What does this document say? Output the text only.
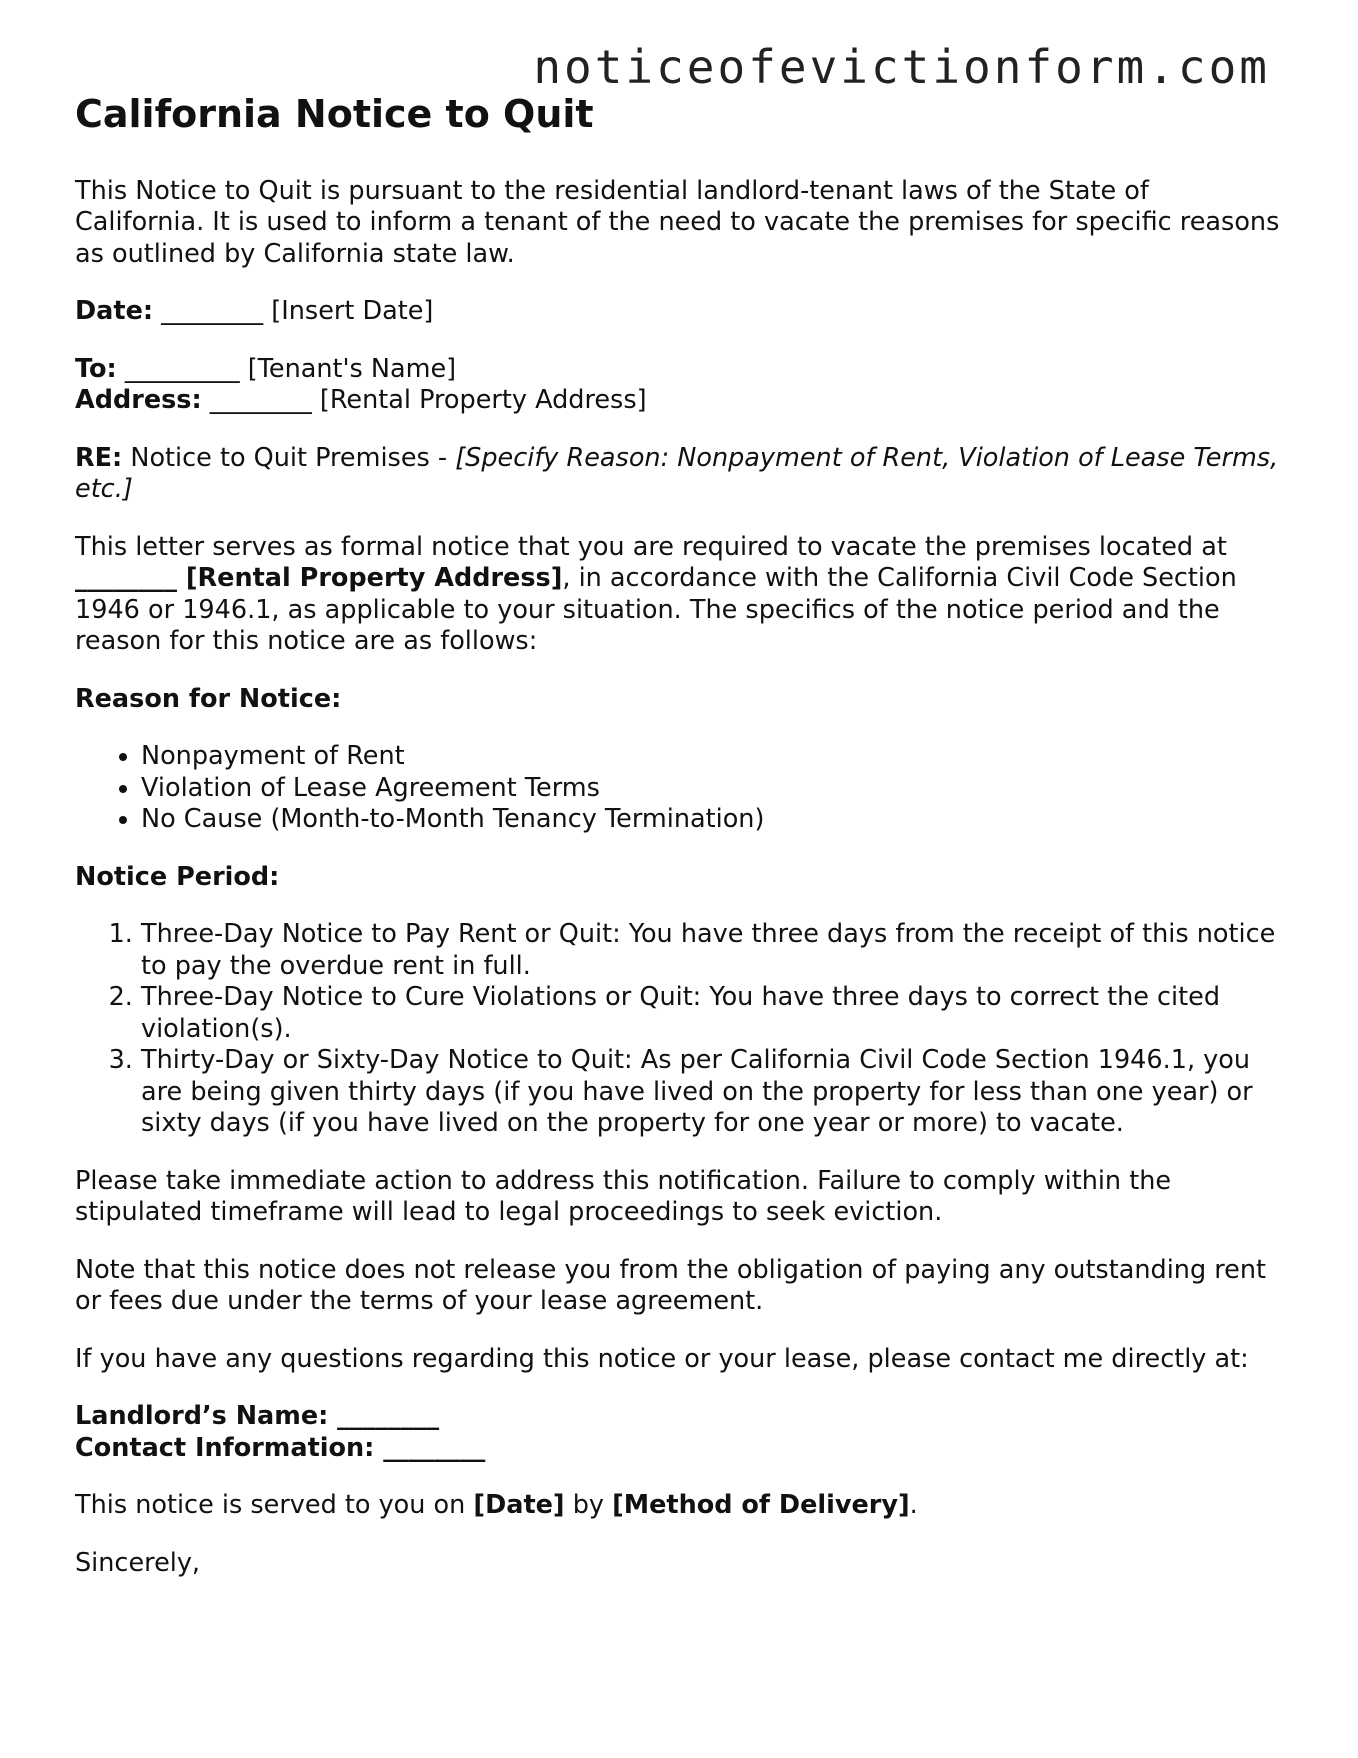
noticeofevictionform.com
California Notice to Quit

This Notice to Quit is pursuant to the residential landlord-tenant laws of the State of California. It is used to inform a tenant of the need to vacate the premises for specific reasons as outlined by California state law.

Date: ________ [Insert Date]

To: _________ [Tenant's Name]

Address: ________ [Rental Property Address]

RE: Notice to Quit Premises - [Specify Reason: Nonpayment of Rent, Violation of Lease Terms, etc.]

This letter serves as formal notice that you are required to vacate the premises located at ________ [Rental Property Address], in accordance with the California Civil Code Section 1946 or 1946.1, as applicable to your situation. The specifics of the notice period and the reason for this notice are as follows:

Reason for Notice:

• Nonpayment of Rent
• Violation of Lease Agreement Terms
• No Cause (Month-to-Month Tenancy Termination)

Notice Period:

1. Three-Day Notice to Pay Rent or Quit: You have three days from the receipt of this notice to pay the overdue rent in full.
2. Three-Day Notice to Cure Violations or Quit: You have three days to correct the cited violation(s).
3. Thirty-Day or Sixty-Day Notice to Quit: As per California Civil Code Section 1946.1, you are being given thirty days (if you have lived on the property for less than one year) or sixty days (if you have lived on the property for one year or more) to vacate.

Please take immediate action to address this notification. Failure to comply within the stipulated timeframe will lead to legal proceedings to seek eviction.

Note that this notice does not release you from the obligation of paying any outstanding rent or fees due under the terms of your lease agreement.

If you have any questions regarding this notice or your lease, please contact me directly at:

Landlord’s Name: ________

Contact Information: ________

This notice is served to you on [Date] by [Method of Delivery].

Sincerely,
